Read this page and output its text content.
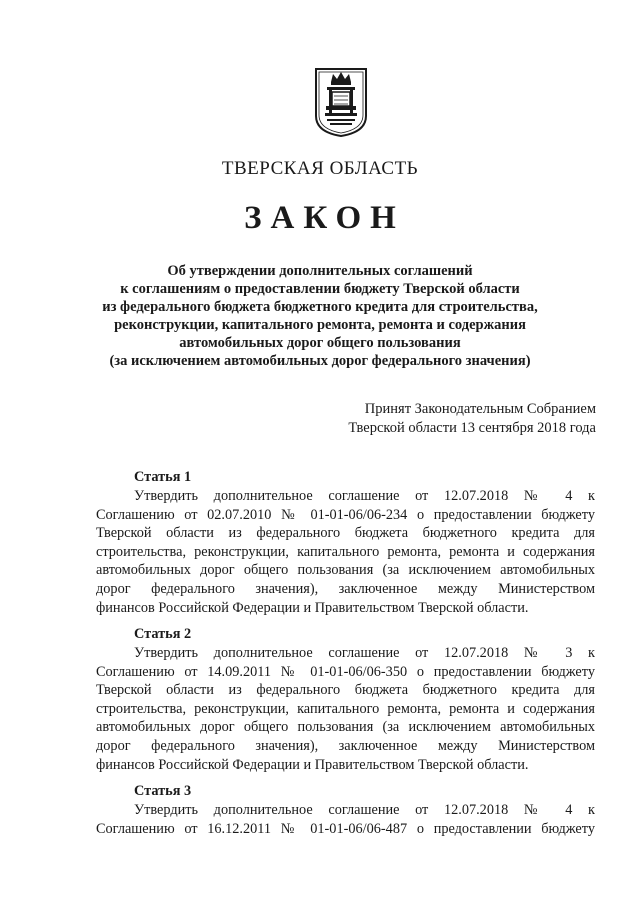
ТВЕРСКАЯ ОБЛАСТЬ
ЗАКОН
Об утверждении дополнительных соглашений
к соглашениям о предоставлении бюджету Тверской области
из федерального бюджета бюджетного кредита для строительства,
реконструкции, капитального ремонта, ремонта и содержания
автомобильных дорог общего пользования
(за исключением автомобильных дорог федерального значения)
Принят Законодательным Собранием
Тверской области 13 сентября 2018 года
Статья 1
Утвердить дополнительное соглашение от 12.07.2018 № 4 к
Соглашению от 02.07.2010 № 01-01-06/06-234 о предоставлении бюджету
Тверской области из федерального бюджета бюджетного кредита для
строительства, реконструкции, капитального ремонта, ремонта и содержания
автомобильных дорог общего пользования (за исключением автомобильных
дорог федерального значения), заключенное между Министерством
финансов Российской Федерации и Правительством Тверской области.
Статья 2
Утвердить дополнительное соглашение от 12.07.2018 № 3 к
Соглашению от 14.09.2011 № 01-01-06/06-350 о предоставлении бюджету
Тверской области из федерального бюджета бюджетного кредита для
строительства, реконструкции, капитального ремонта, ремонта и содержания
автомобильных дорог общего пользования (за исключением автомобильных
дорог федерального значения), заключенное между Министерством
финансов Российской Федерации и Правительством Тверской области.
Статья 3
Утвердить дополнительное соглашение от 12.07.2018 № 4 к
Соглашению от 16.12.2011 № 01-01-06/06-487 о предоставлении бюджету
